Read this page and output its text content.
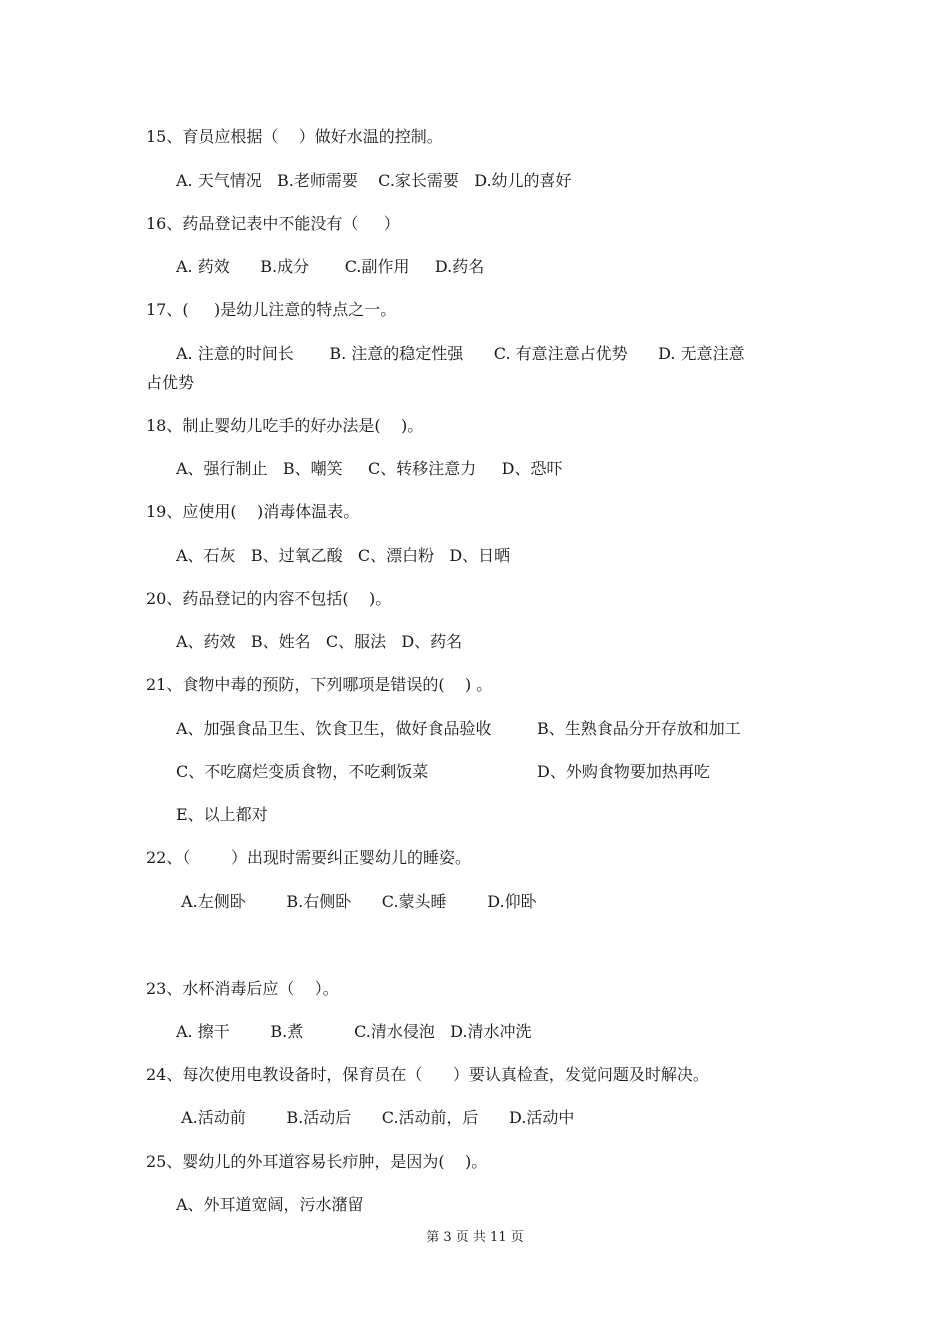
15、育员应根据（    ）做好水温的控制。
A. 天气情况   B.老师需要    C.家长需要   D.幼儿的喜好
16、药品登记表中不能没有（     ）
A. 药效      B.成分       C.副作用     D.药名
17、(     )是幼儿注意的特点之一。
A. 注意的时间长       B. 注意的稳定性强      C. 有意注意占优势      D. 无意注意
占优势
18、制止婴幼儿吃手的好办法是(    )。
A、强行制止   B、嘲笑     C、转移注意力     D、恐吓
19、应使用(    )消毒体温表。
A、石灰   B、过氧乙酸   C、漂白粉   D、日晒
20、药品登记的内容不包括(    )。
A、药效   B、姓名   C、服法   D、药名
21、食物中毒的预防，下列哪项是错误的(    ) 。
A、加强食品卫生、饮食卫生，做好食品验收	B、生熟食品分开存放和加工
C、不吃腐烂变质食物，不吃剩饭菜	D、外购食物要加热再吃
E、以上都对
22、（        ）出现时需要纠正婴幼儿的睡姿。
A.左侧卧        B.右侧卧      C.蒙头睡        D.仰卧
23、水杯消毒后应（    ）。
A. 擦干        B.煮          C.清水侵泡   D.清水冲洗
24、每次使用电教设备时，保育员在（      ）要认真检查，发觉问题及时解决。
A.活动前        B.活动后      C.活动前，后      D.活动中
25、婴幼儿的外耳道容易长疖肿，是因为(    )。
A、外耳道宽阔，污水潴留
第 3 页 共 11 页
